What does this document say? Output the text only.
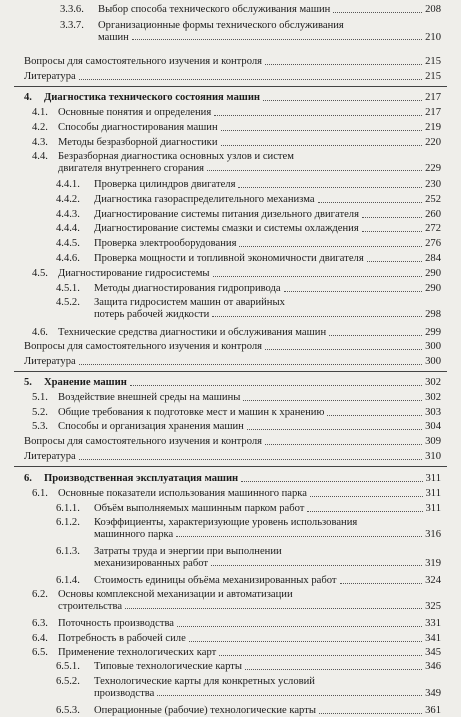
3.3.6. Выбор способа технического обслуживания машин	208
3.3.7. Организационные формы технического обслуживания
машин	210
Вопросы для самостоятельного изучения и контроля	215
Литература	215
4. Диагностика технического состояния машин	217
4.1. Основные понятия и определения	217
4.2. Способы диагностирования машин	219
4.3. Методы безразборной диагностики	220
4.4. Безразборная диагностика основных узлов и систем
двигателя внутреннего сгорания	229
4.4.1. Проверка цилиндров двигателя	230
4.4.2. Диагностика газораспределительного механизма	252
4.4.3. Диагностирование системы питания дизельного двигателя	260
4.4.4. Диагностирование системы смазки и системы охлаждения	272
4.4.5. Проверка электрооборудования	276
4.4.6. Проверка мощности и топливной экономичности двигателя	284
4.5. Диагностирование гидросистемы	290
4.5.1. Методы диагностирования гидропривода	290
4.5.2. Защита гидросистем машин от аварийных
потерь рабочей жидкости	298
4.6. Технические средства диагностики и обслуживания машин	299
Вопросы для самостоятельного изучения и контроля	300
Литература	300
5. Хранение машин	302
5.1. Воздействие внешней среды на машины	302
5.2. Общие требования к подготовке мест и машин к хранению	303
5.3. Способы и организация хранения машин	304
Вопросы для самостоятельного изучения и контроля	309
Литература	310
6. Производственная эксплуатация машин	311
6.1. Основные показатели использования машинного парка	311
6.1.1. Объём выполняемых машинным парком работ	311
6.1.2. Коэффициенты, характеризующие уровень использования
машинного парка	316
6.1.3. Затраты труда и энергии при выполнении
механизированных работ	319
6.1.4. Стоимость единицы объёма механизированных работ	324
6.2. Основы комплексной механизации и автоматизации
строительства	325
6.3. Поточность производства	331
6.4. Потребность в рабочей силе	341
6.5. Применение технологических карт	345
6.5.1. Типовые технологические карты	346
6.5.2. Технологические карты для конкретных условий
производства	349
6.5.3. Операционные (рабочие) технологические карты	361
